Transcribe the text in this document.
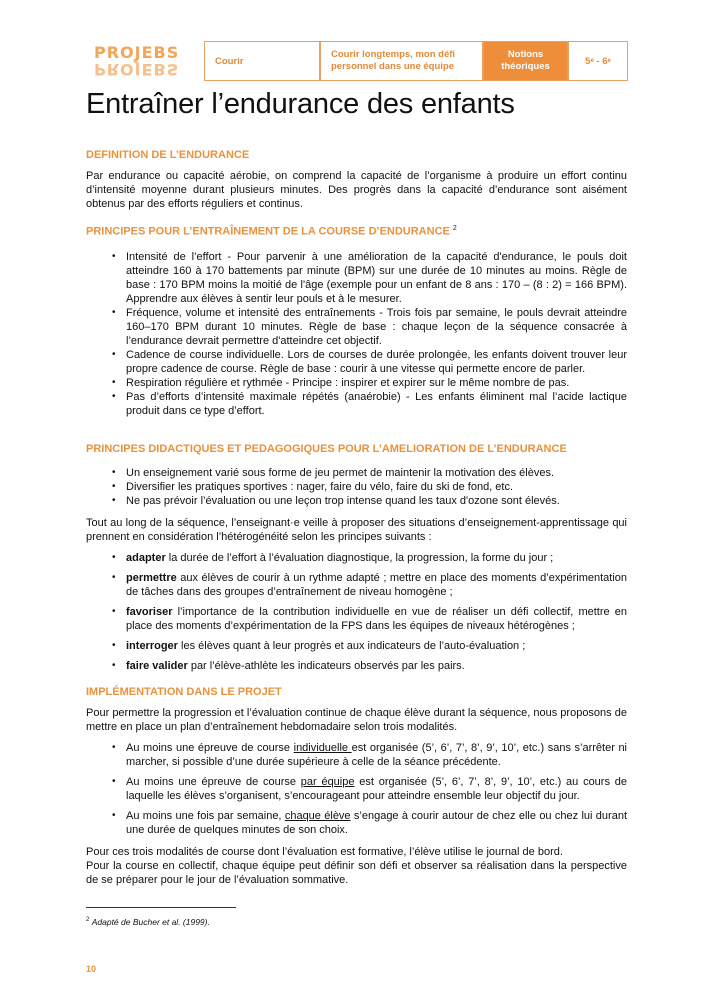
PROJEBS
PROJEBS	Courir
Courir longtemps, mon défi personnel dans une équipe
Notions théoriques	5 e - 6 e
Entraîner l’endurance des enfants
DEFINITION DE L’ENDURANCE

Par endurance ou capacité aérobie, on comprend la capacité de l’organisme à produire un effort continu d’intensité moyenne durant plusieurs minutes. Des progrès dans la capacité d’endurance sont aisément obtenus par des efforts réguliers et continus.

PRINCIPES POUR L’ENTRAÎNEMENT DE LA COURSE D’ENDURANCE $^2$
• Intensité de l’effort - Pour parvenir à une amélioration de la capacité d'endurance, le pouls doit atteindre 160 à 170 battements par minute (BPM) sur une durée de 10 minutes au moins. Règle de base : 170 BPM moins la moitié de l'âge (exemple pour un enfant de 8 ans : 170 – (8 : 2) = 166 BPM). Apprendre aux élèves à sentir leur pouls et à le mesurer.
• Fréquence, volume et intensité des entraînements - Trois fois par semaine, le pouls devrait atteindre 160–170 BPM durant 10 minutes. Règle de base : chaque leçon de la séquence consacrée à l’endurance devrait permettre d'atteindre cet objectif.
• Cadence de course individuelle. Lors de courses de durée prolongée, les enfants doivent trouver leur propre cadence de course. Règle de base : courir à une vitesse qui permette encore de parler.
• Respiration régulière et rythmée - Principe : inspirer et expirer sur le même nombre de pas.
• Pas d’efforts d’intensité maximale répétés (anaérobie) - Les enfants éliminent mal l’acide lactique produit dans ce type d’effort.
PRINCIPES DIDACTIQUES ET PEDAGOGIQUES POUR L’AMELIORATION DE L’ENDURANCE
• Un enseignement varié sous forme de jeu permet de maintenir la motivation des élèves.
• Diversifier les pratiques sportives : nager, faire du vélo, faire du ski de fond, etc.
• Ne pas prévoir l’évaluation ou une leçon trop intense quand les taux d'ozone sont élevés.

Tout au long de la séquence, l’enseignant·e veille à proposer des situations d’enseignement-apprentissage qui prennent en considération l’hétérogénéité selon les principes suivants :

• adapter la durée de l’effort à l’évaluation diagnostique, la progression, la forme du jour ;
• permettre aux élèves de courir à un rythme adapté ; mettre en place des moments d’expérimentation de tâches dans des groupes d’entraînement de niveau homogène ;
• favoriser l’importance de la contribution individuelle en vue de réaliser un défi collectif, mettre en place des moments d’expérimentation de la FPS dans les équipes de niveaux hétérogènes ;
• interroger les élèves quant à leur progrès et aux indicateurs de l’auto-évaluation ;
• faire valider par l’élève-athlète les indicateurs observés par les pairs.
IMPLÉMENTATION DANS LE PROJET

Pour permettre la progression et l’évaluation continue de chaque élève durant la séquence, nous proposons de mettre en place un plan d’entraînement hebdomadaire selon trois modalités.

• Au moins une épreuve de course individuelle est organisée (5’, 6’, 7’, 8’, 9’, 10’, etc.) sans s’arrêter ni marcher, si possible d’une durée supérieure à celle de la séance précédente.
• Au moins une épreuve de course par équipe est organisée (5’, 6’, 7’, 8’, 9’, 10’, etc.) au cours de laquelle les élèves s’organisent, s’encourageant pour atteindre ensemble leur objectif du jour.
• Au moins une fois par semaine, chaque élève s’engage à courir autour de chez elle ou chez lui durant une durée de quelques minutes de son choix.

Pour ces trois modalités de course dont l’évaluation est formative, l’élève utilise le journal de bord.

Pour la course en collectif, chaque équipe peut définir son défi et observer sa réalisation dans la perspective de se préparer pour le jour de l’évaluation sommative.

$^2$ Adapté de Bucher et al. (1999).
10
